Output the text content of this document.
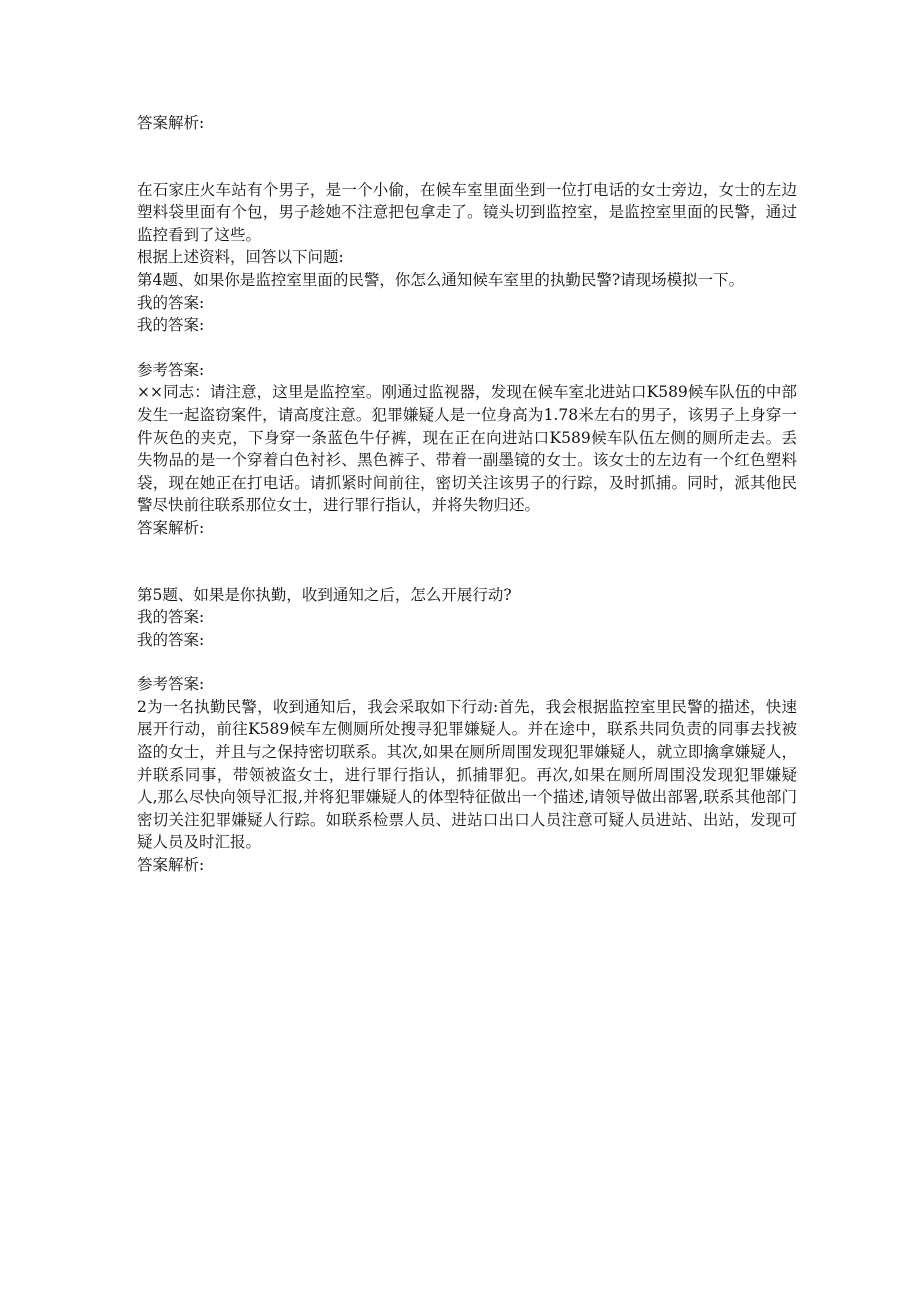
答案解析:
在石家庄火车站有个男子，是一个小偷，在候车室里面坐到一位打电话的女士旁边，女士的左边塑料袋里面有个包，男子趁她不注意把包拿走了。镜头切到监控室，是监控室里面的民警，通过监控看到了这些。
根据上述资料，回答以下问题:
第4题、如果你是监控室里面的民警，你怎么通知候车室里的执勤民警?请现场模拟一下。
我的答案:
我的答案:
参考答案:
××同志：请注意，这里是监控室。刚通过监视器，发现在候车室北进站口K589候车队伍的中部发生一起盗窃案件，请高度注意。犯罪嫌疑人是一位身高为1.78米左右的男子，该男子上身穿一件灰色的夹克，下身穿一条蓝色牛仔裤，现在正在向进站口K589候车队伍左侧的厕所走去。丢失物品的是一个穿着白色衬衫、黑色裤子、带着一副墨镜的女士。该女士的左边有一个红色塑料袋，现在她正在打电话。请抓紧时间前往，密切关注该男子的行踪，及时抓捕。同时，派其他民警尽快前往联系那位女士，进行罪行指认，并将失物归还。
答案解析:
第5题、如果是你执勤，收到通知之后，怎么开展行动?
我的答案:
我的答案:
参考答案:
2为一名执勤民警，收到通知后，我会采取如下行动:首先，我会根据监控室里民警的描述，快速展开行动，前往K589候车左侧厕所处搜寻犯罪嫌疑人。并在途中，联系共同负责的同事去找被盗的女士，并且与之保持密切联系。其次,如果在厕所周围发现犯罪嫌疑人，就立即擒拿嫌疑人，并联系同事，带领被盗女士，进行罪行指认，抓捕罪犯。再次,如果在厕所周围没发现犯罪嫌疑人,那么尽快向领导汇报,并将犯罪嫌疑人的体型特征做出一个描述,请领导做出部署,联系其他部门密切关注犯罪嫌疑人行踪。如联系检票人员、进站口出口人员注意可疑人员进站、出站，发现可疑人员及时汇报。
答案解析:
